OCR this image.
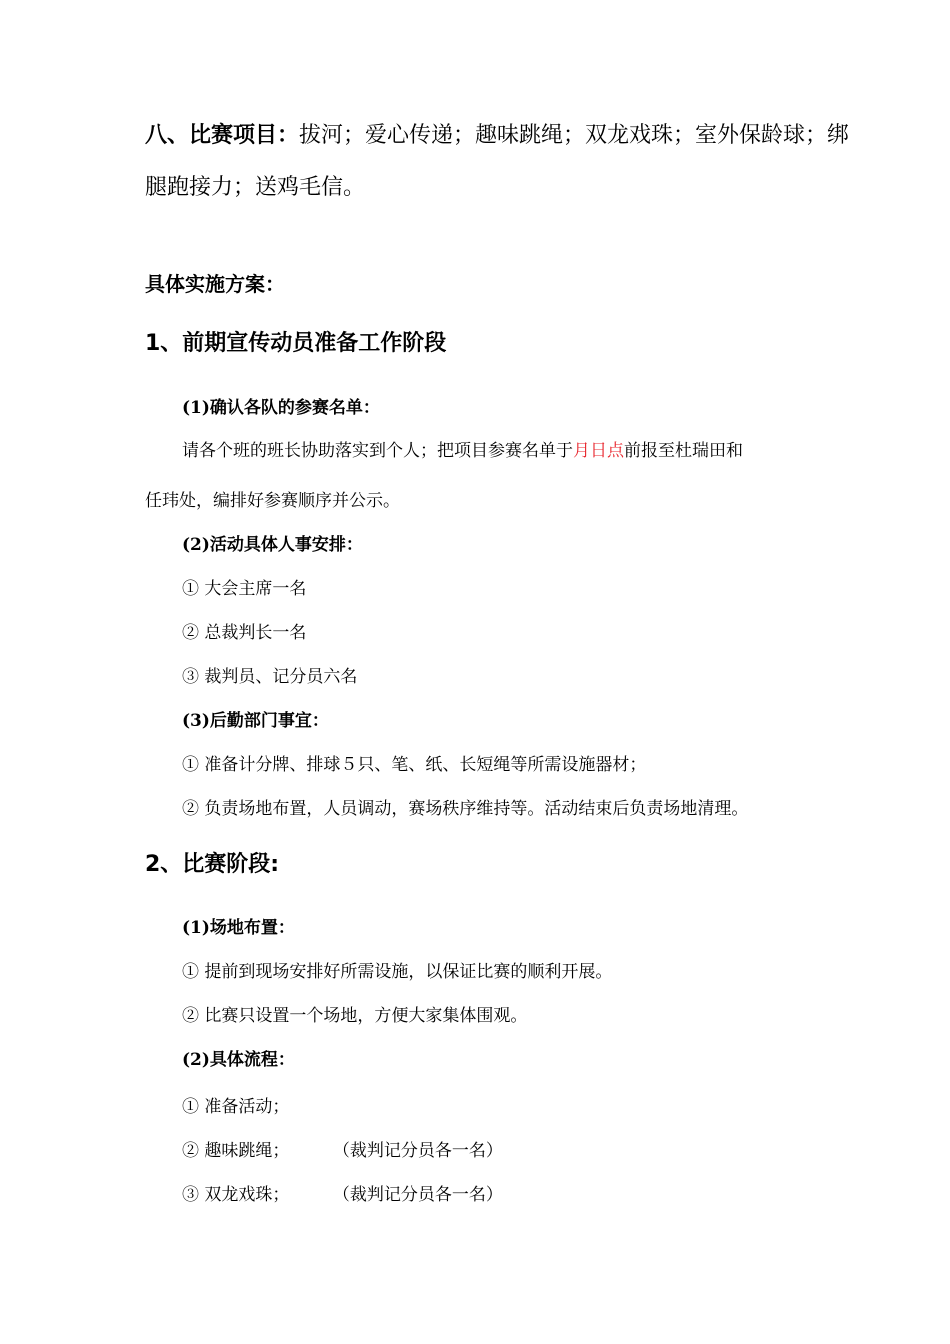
八、比赛项目：拔河；爱心传递；趣味跳绳；双龙戏珠；室外保龄球；绑
腿跑接力；送鸡毛信。
具体实施方案：
1、前期宣传动员准备工作阶段
(1)确认各队的参赛名单：
请各个班的班长协助落实到个人；把项目参赛名单于月日点前报至杜瑞田和
任玮处，编排好参赛顺序并公示。
(2)活动具体人事安排：
① 大会主席一名
② 总裁判长一名
③ 裁判员、记分员六名
(3)后勤部门事宜：
① 准备计分牌、排球５只、笔、纸、长短绳等所需设施器材；
② 负责场地布置，人员调动，赛场秩序维持等。活动结束后负责场地清理。
2、比赛阶段:
(1)场地布置：
① 提前到现场安排好所需设施，以保证比赛的顺利开展。
② 比赛只设置一个场地，方便大家集体围观。
(2)具体流程：
① 准备活动；
② 趣味跳绳；	（裁判记分员各一名）
③ 双龙戏珠；	（裁判记分员各一名）
